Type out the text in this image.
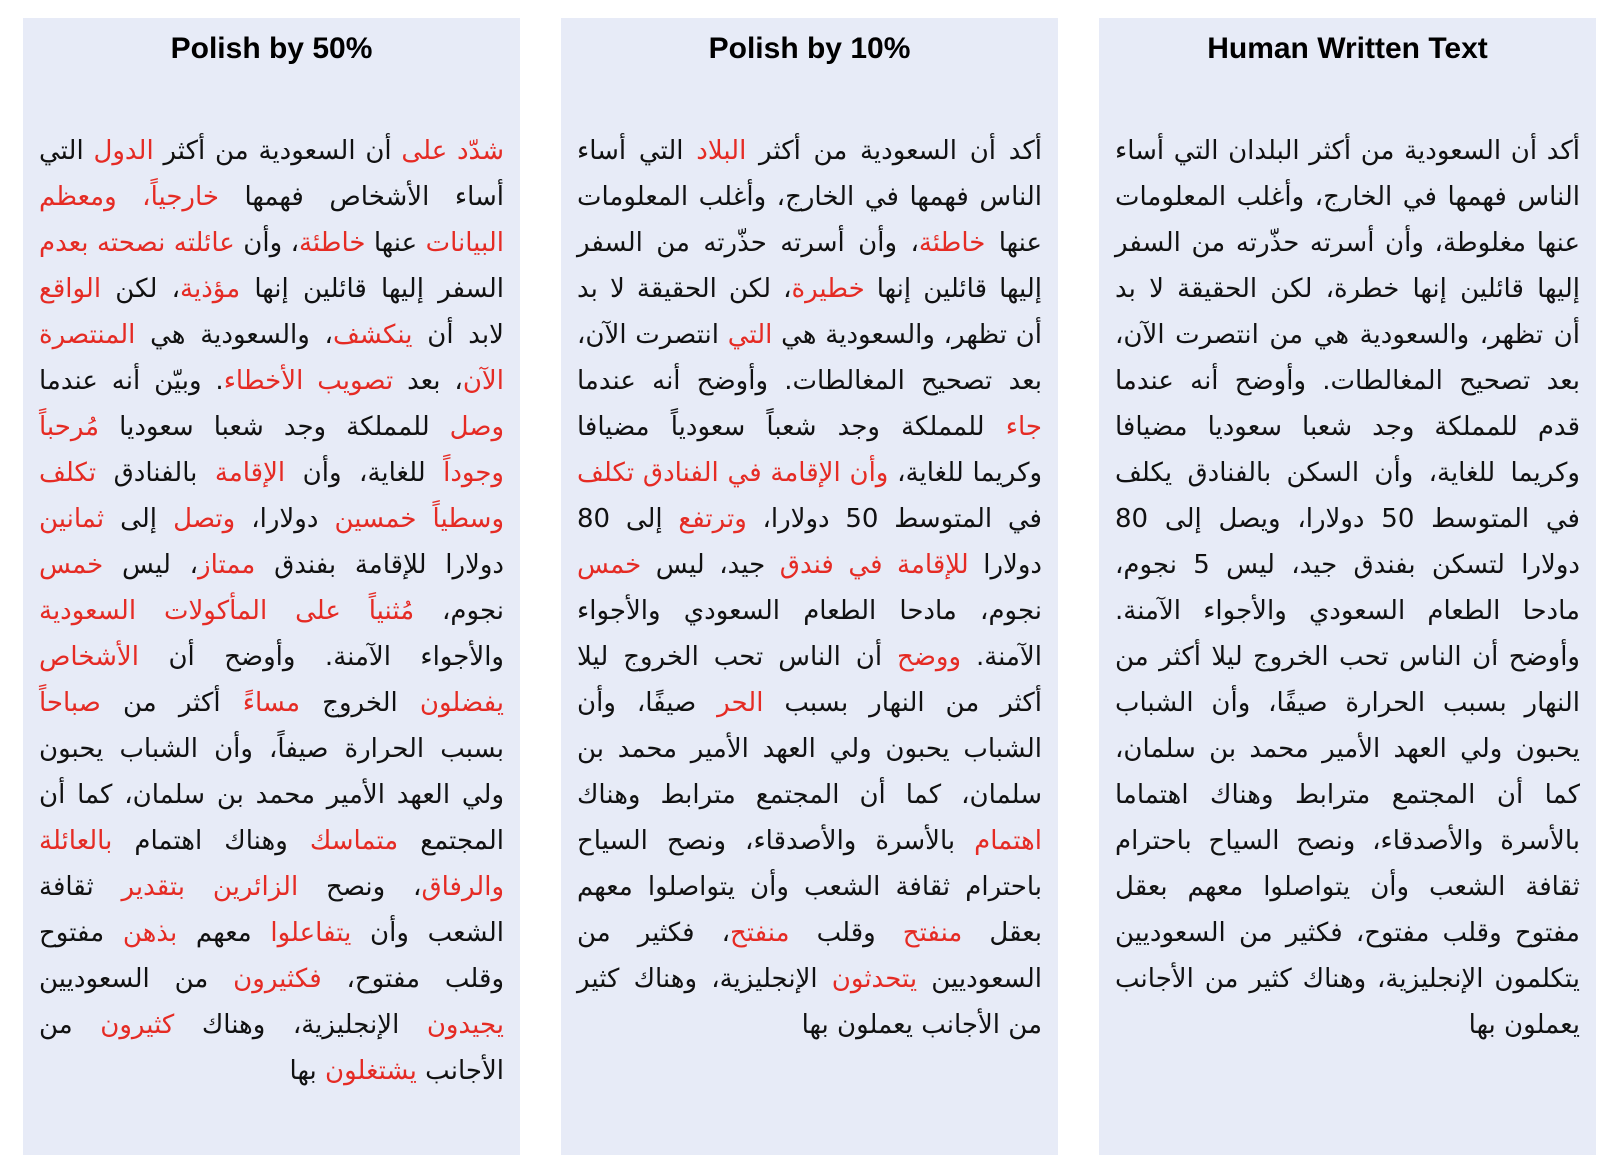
Polish by 50%
شدّد على أن السعودية من أكثر الدول التي أساء الأشخاص فهمها خارجياً، ومعظم البيانات عنها خاطئة، وأن عائلته نصحته بعدم السفر إليها قائلين إنها مؤذية، لكن الواقع لابد أن ينكشف، والسعودية هي المنتصرة الآن، بعد تصويب الأخطاء. وبيّن أنه عندما وصل للمملكة وجد شعبا سعوديا مُرحباً وجوداً للغاية، وأن الإقامة بالفنادق تكلف وسطياً خمسين دولارا، وتصل إلى ثمانين دولارا للإقامة بفندق ممتاز، ليس خمس نجوم، مُثنياً على المأكولات السعودية والأجواء الآمنة. وأوضح أن الأشخاص يفضلون الخروج مساءً أكثر من صباحاً بسبب الحرارة صيفاً، وأن الشباب يحبون ولي العهد الأمير محمد بن سلمان، كما أن المجتمع متماسك وهناك اهتمام بالعائلة والرفاق، ونصح الزائرين بتقدير ثقافة الشعب وأن يتفاعلوا معهم بذهن مفتوح وقلب مفتوح، فكثيرون من السعوديين يجيدون الإنجليزية، وهناك كثيرون من الأجانب يشتغلون بها
Polish by 10%
أكد أن السعودية من أكثر البلاد التي أساء الناس فهمها في الخارج، وأغلب المعلومات عنها خاطئة، وأن أسرته حذّرته من السفر إليها قائلين إنها خطيرة، لكن الحقيقة لا بد أن تظهر، والسعودية هي التي انتصرت الآن، بعد تصحيح المغالطات. وأوضح أنه عندما جاء للمملكة وجد شعباً سعودياً مضيافا وكريما للغاية، وأن الإقامة في الفنادق تكلف في المتوسط 50 دولارا، وترتفع إلى 80 دولارا للإقامة في فندق جيد، ليس خمس نجوم، مادحا الطعام السعودي والأجواء الآمنة. ووضح أن الناس تحب الخروج ليلا أكثر من النهار بسبب الحر صيفًا، وأن الشباب يحبون ولي العهد الأمير محمد بن سلمان، كما أن المجتمع مترابط وهناك اهتمام بالأسرة والأصدقاء، ونصح السياح باحترام ثقافة الشعب وأن يتواصلوا معهم بعقل منفتح وقلب منفتح، فكثير من السعوديين يتحدثون الإنجليزية، وهناك كثير من الأجانب يعملون بها
Human Written Text
أكد أن السعودية من أكثر البلدان التي أساء الناس فهمها في الخارج، وأغلب المعلومات عنها مغلوطة، وأن أسرته حذّرته من السفر إليها قائلين إنها خطرة، لكن الحقيقة لا بد أن تظهر، والسعودية هي من انتصرت الآن، بعد تصحيح المغالطات. وأوضح أنه عندما قدم للمملكة وجد شعبا سعوديا مضيافا وكريما للغاية، وأن السكن بالفنادق يكلف في المتوسط 50 دولارا، ويصل إلى 80 دولارا لتسكن بفندق جيد، ليس 5 نجوم، مادحا الطعام السعودي والأجواء الآمنة. وأوضح أن الناس تحب الخروج ليلا أكثر من النهار بسبب الحرارة صيفًا، وأن الشباب يحبون ولي العهد الأمير محمد بن سلمان، كما أن المجتمع مترابط وهناك اهتماما بالأسرة والأصدقاء، ونصح السياح باحترام ثقافة الشعب وأن يتواصلوا معهم بعقل مفتوح وقلب مفتوح، فكثير من السعوديين يتكلمون الإنجليزية، وهناك كثير من الأجانب يعملون بها
